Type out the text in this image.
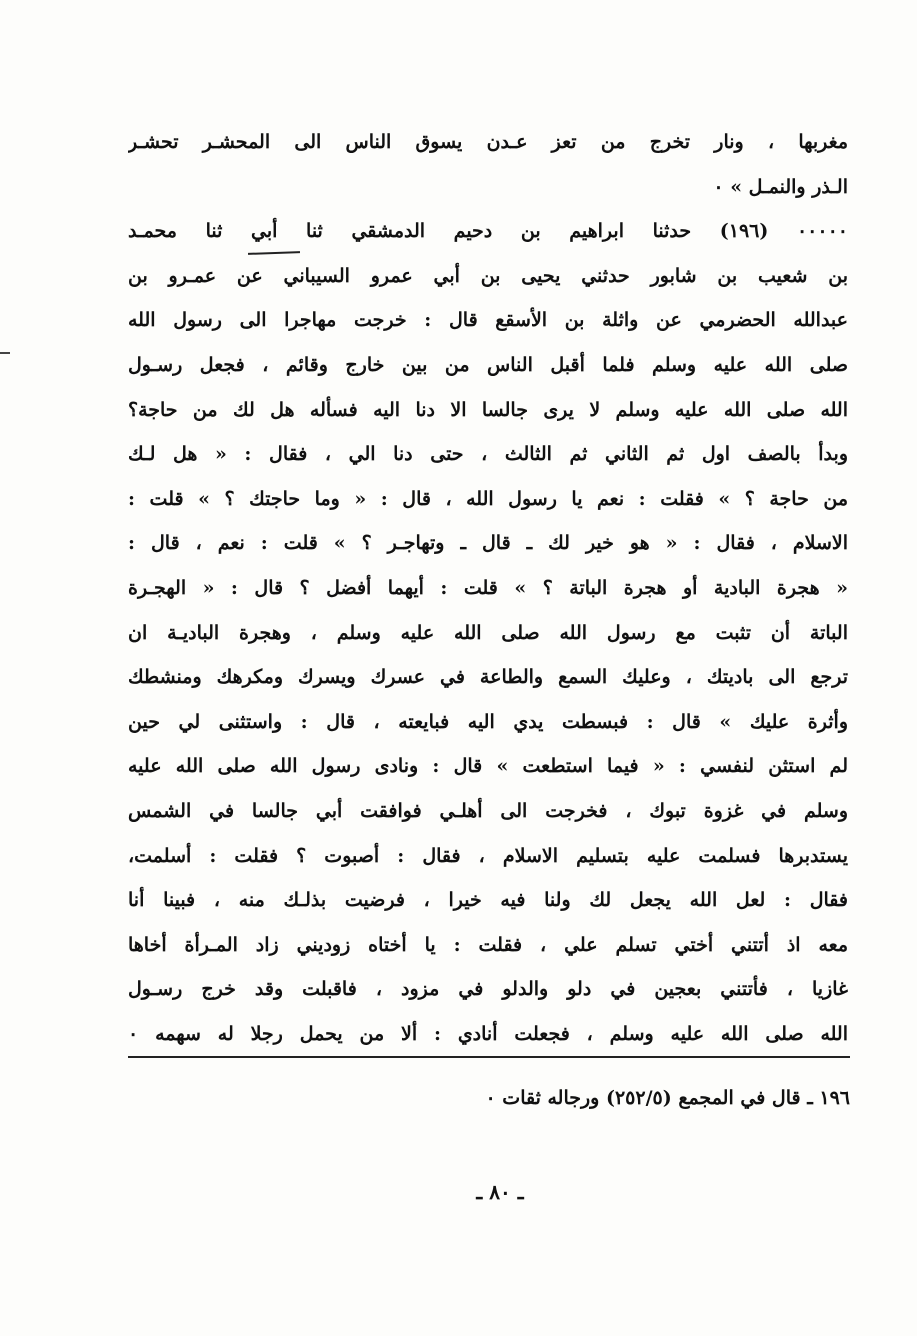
مغربها ، ونار تخرج من تعز عـدن يسوق الناس الى المحشـر تحشـر
الـذر والنمـل » ٠
٠٠٠٠٠ (١٩٦) حدثنا ابراهيم بن دحيم الدمشقي ثنا أبي ثنا محمـد
بن شعيب بن شابور حدثني يحيى بن أبي عمرو السيباني عن عمـرو بن
عبدالله الحضرمي عن واثلة بن الأسقع قال : خرجت مهاجرا الى رسول الله
صلى الله عليه وسلم فلما أقبل الناس من بين خارج وقائم ، فجعل رسـول
الله صلى الله عليه وسلم لا يرى جالسا الا دنا اليه فسأله هل لك من حاجة؟
وبدأ بالصف اول ثم الثاني ثم الثالث ، حتى دنا الي ، فقال : « هل لـك
من حاجة ؟ » فقلت : نعم يا رسول الله ، قال : « وما حاجتك ؟ » قلت :
الاسلام ، فقال : « هو خير لك ـ قال ـ وتهاجـر ؟ » قلت : نعم ، قال :
« هجرة البادية أو هجرة الباتة ؟ » قلت : أيهما أفضل ؟ قال : « الهجـرة
الباتة أن تثبت مع رسول الله صلى الله عليه وسلم ، وهجرة الباديـة ان
ترجع الى باديتك ، وعليك السمع والطاعة في عسرك ويسرك ومكرهك ومنشطك
وأثرة عليك » قال : فبسطت يدي اليه فبايعته ، قال : واستثنى لي حين
لم استثن لنفسي : « فيما استطعت » قال : ونادى رسول الله صلى الله عليه
وسلم في غزوة تبوك ، فخرجت الى أهلـي فوافقت أبي جالسا في الشمس
يستدبرها فسلمت عليه بتسليم الاسلام ، فقال : أصبوت ؟ فقلت : أسلمت،
فقال : لعل الله يجعل لك ولنا فيه خيرا ، فرضيت بذلـك منه ، فبينا أنا
معه اذ أتتني أختي تسلم علي ، فقلت : يا أختاه زوديني زاد المـرأة أخاها
غازيا ، فأتتني بعجين في دلو والدلو في مزود ، فاقبلت وقد خرج رسـول
الله صلى الله عليه وسلم ، فجعلت أنادي : ألا من يحمل رجلا له سهمه ٠
١٩٦ ـ قال في المجمع (٢٥٢/٥) ورجاله ثقات ٠
ـ ٨٠ ـ
